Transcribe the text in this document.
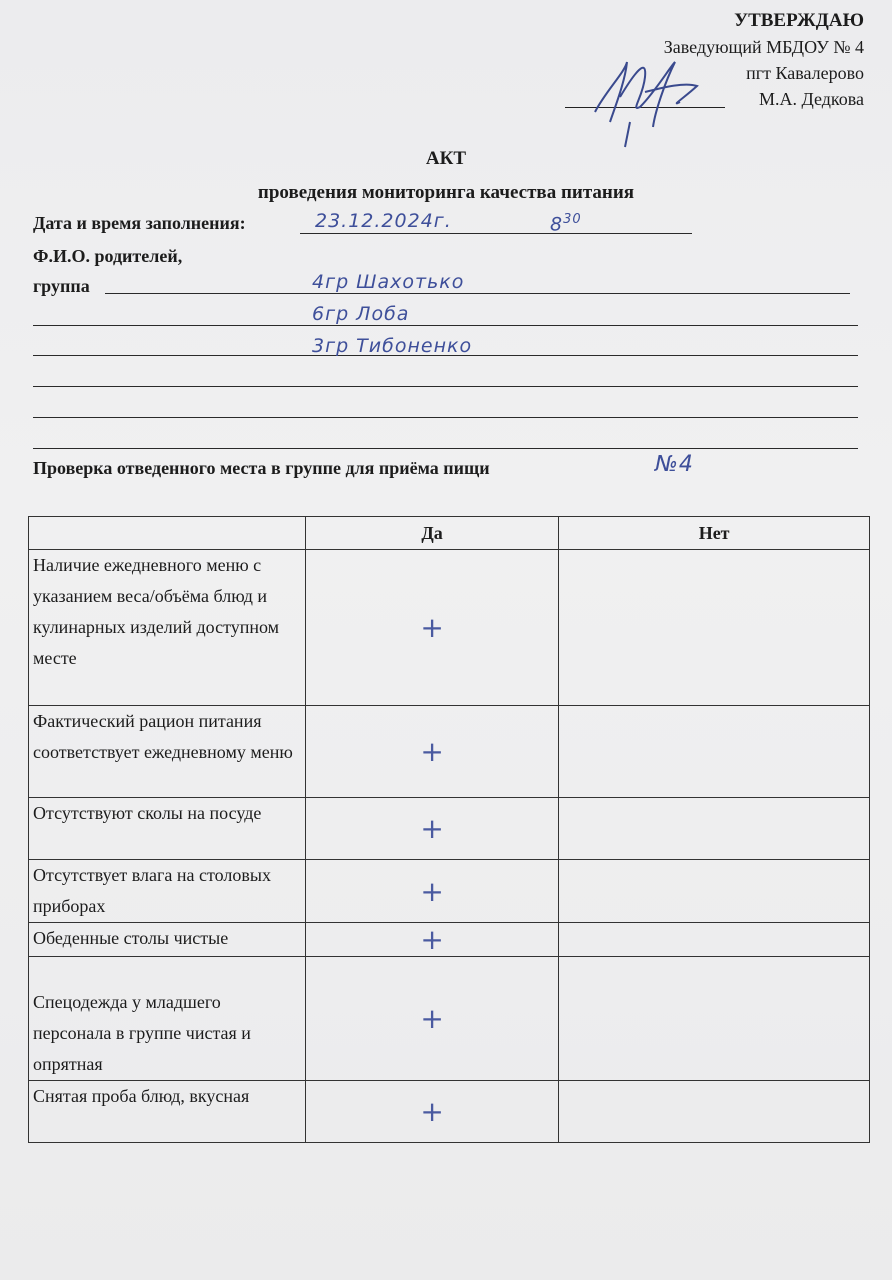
УТВЕРЖДАЮ
Заведующий МБДОУ № 4
пгт Кавалерово
М.А. Дедкова
АКТ
проведения мониторинга качества питания
Дата и время заполнения:	23.12.2024г.	$8^{30}$
Ф.И.О. родителей,
группа	4гр Шахотько
6гр Лоба
3гр Тибоненко
Проверка отведенного места в группе для приёма пищи	№4
	Да	Нет
Наличие ежедневного меню с указанием веса/объёма блюд и кулинарных изделий доступном месте	+	
Фактический рацион питания соответствует ежедневному меню	+	
Отсутствуют сколы на посуде	+	
Отсутствует влага на столовых приборах	+	
Обеденные столы чистые	+	
Спецодежда у младшего персонала в группе чистая и опрятная	+	
Снятая проба блюд, вкусная	+	
